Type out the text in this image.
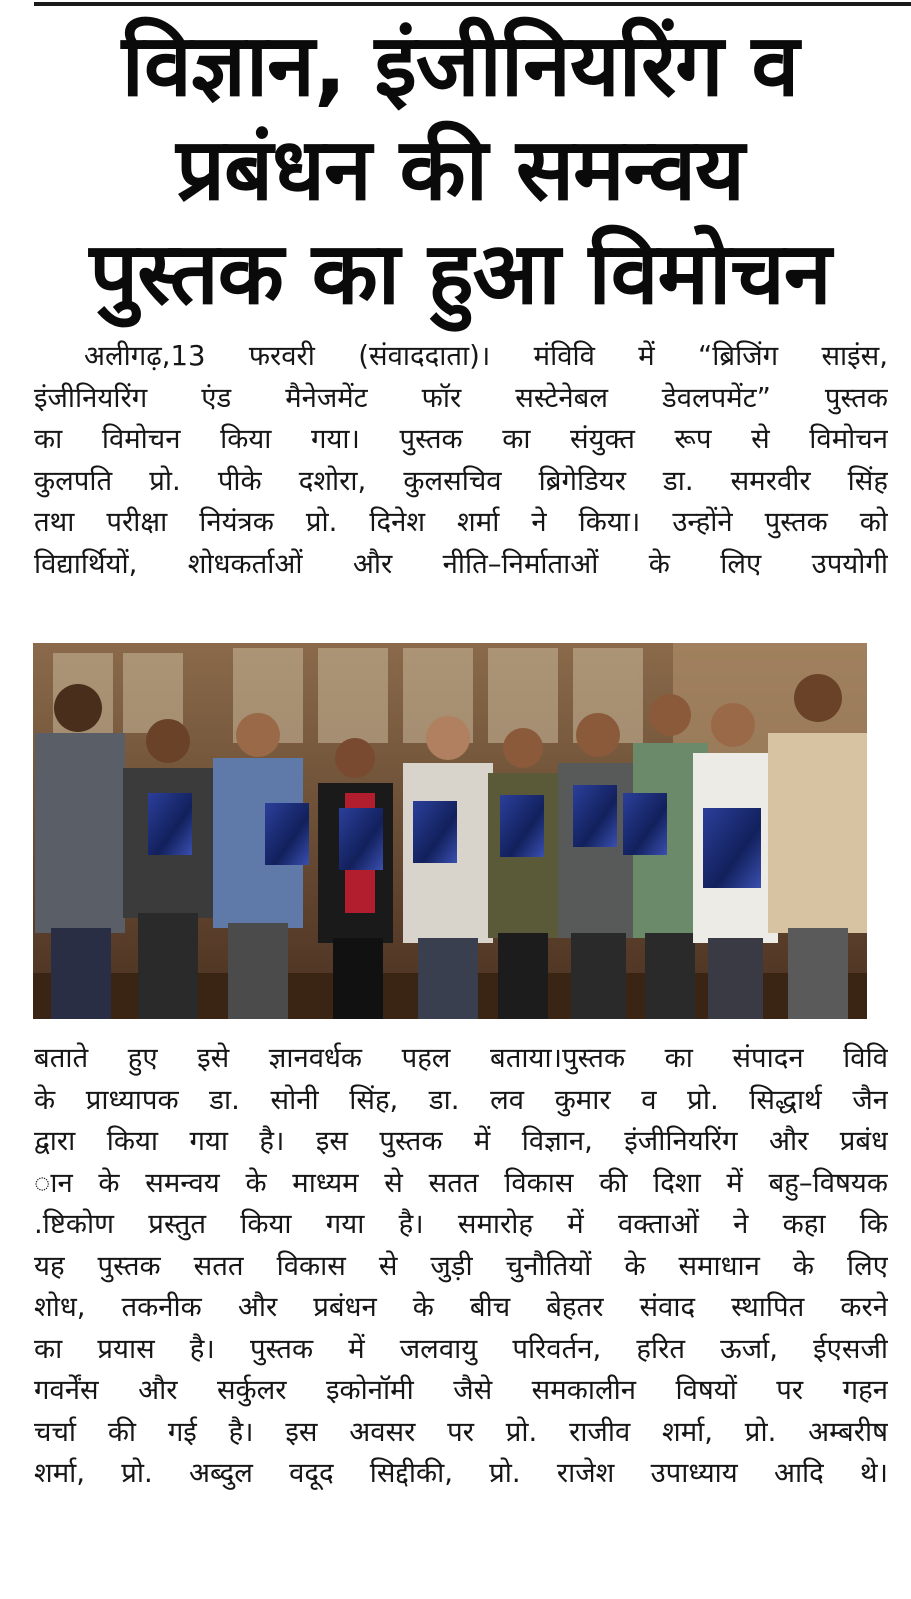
विज्ञान, इंजीनियरिंग व
प्रबंधन की समन्वय
पुस्तक का हुआ विमोचन
अलीगढ़,13 फरवरी (संवाददाता)। मंविवि में “ब्रिजिंग साइंस,
इंजीनियरिंग एंड मैनेजमेंट फॉर सस्टेनेबल डेवलपमेंट” पुस्तक
का विमोचन किया गया। पुस्तक का संयुक्त रूप से विमोचन
कुलपति प्रो. पीके दशोरा, कुलसचिव ब्रिगेडियर डा. समरवीर सिंह
तथा परीक्षा नियंत्रक प्रो. दिनेश शर्मा ने किया। उन्होंने पुस्तक को
विद्यार्थियों, शोधकर्ताओं और नीति–निर्माताओं के लिए उपयोगी
बताते हुए इसे ज्ञानवर्धक पहल बताया।पुस्तक का संपादन विवि
के प्राध्यापक डा. सोनी सिंह, डा. लव कुमार व प्रो. सिद्धार्थ जैन
द्वारा किया गया है। इस पुस्तक में विज्ञान, इंजीनियरिंग और प्रबंध
ान के समन्वय के माध्यम से सतत विकास की दिशा में बहु–विषयक
.ष्टिकोण प्रस्तुत किया गया है। समारोह में वक्ताओं ने कहा कि
यह पुस्तक सतत विकास से जुड़ी चुनौतियों के समाधान के लिए
शोध, तकनीक और प्रबंधन के बीच बेहतर संवाद स्थापित करने
का प्रयास है। पुस्तक में जलवायु परिवर्तन, हरित ऊर्जा, ईएसजी
गवर्नेंस और सर्कुलर इकोनॉमी जैसे समकालीन विषयों पर गहन
चर्चा की गई है। इस अवसर पर प्रो. राजीव शर्मा, प्रो. अम्बरीष
शर्मा, प्रो. अब्दुल वदूद सिद्दीकी, प्रो. राजेश उपाध्याय आदि थे।
